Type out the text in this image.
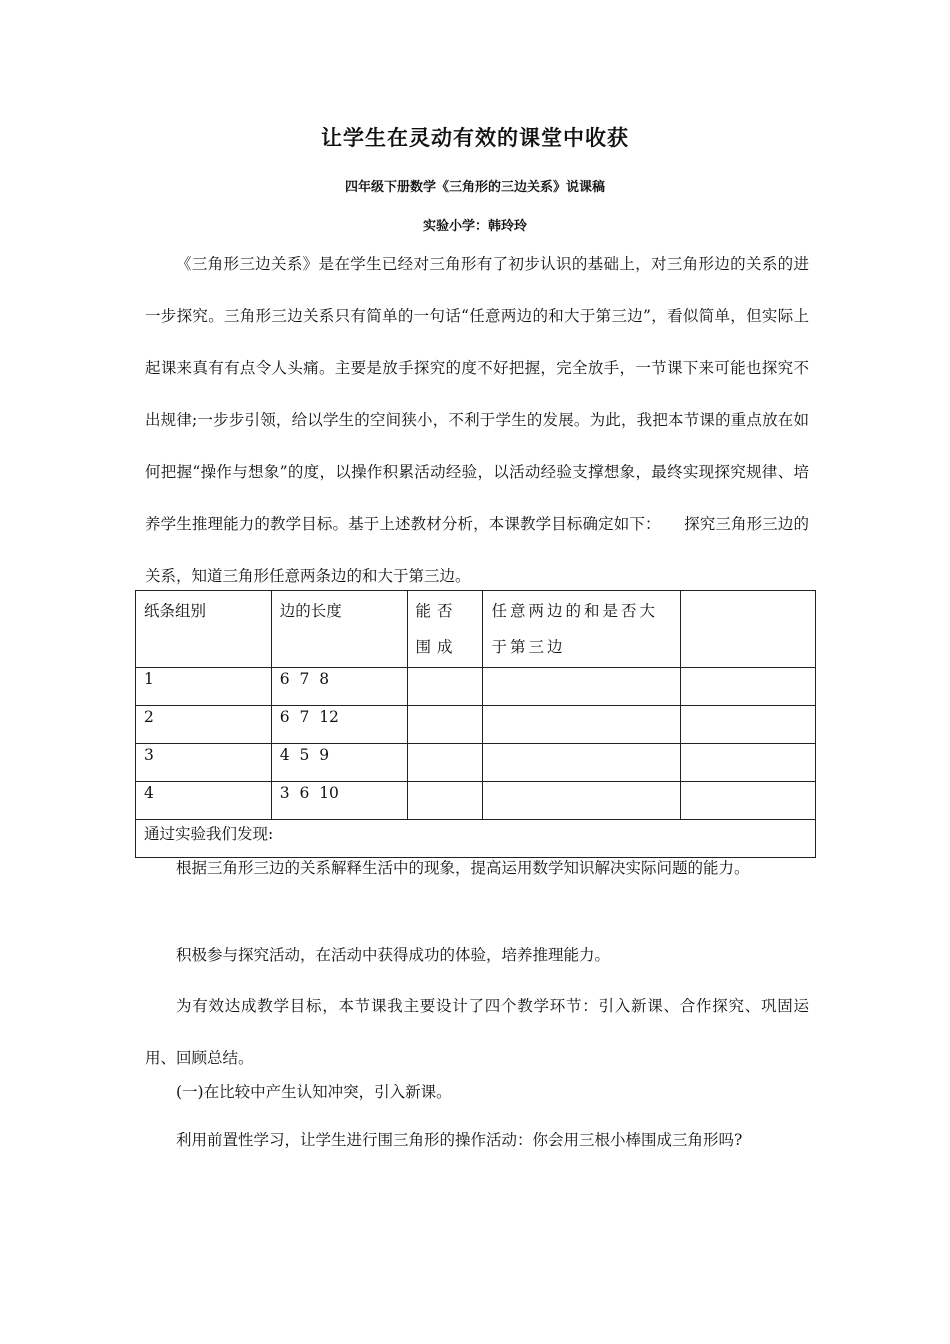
让学生在灵动有效的课堂中收获
四年级下册数学《三角形的三边关系》说课稿
实验小学：韩玲玲

《三角形三边关系》是在学生已经对三角形有了初步认识的基础上，对三角形边的关系的进一步探究。三角形三边关系只有简单的一句话“任意两边的和大于第三边”，看似简单，但实际上起课来真有有点令人头痛。主要是放手探究的度不好把握，完全放手，一节课下来可能也探究不出规律;一步步引领，给以学生的空间狭小，不利于学生的发展。为此，我把本节课的重点放在如何把握“操作与想象”的度，以操作积累活动经验，以活动经验支撑想象，最终实现探究规律、培养学生推理能力的教学目标。基于上述教材分析，本课教学目标确定如下：　　探究三角形三边的关系，知道三角形任意两条边的和大于第三边。

纸条组别	边的长度	能否围成	任意两边的和是否大于第三边	
1	6  7  8			
2	6  7  12			
3	4  5  9			
4	3  6  10			
通过实验我们发现:				

根据三角形三边的关系解释生活中的现象，提高运用数学知识解决实际问题的能力。

积极参与探究活动，在活动中获得成功的体验，培养推理能力。

为有效达成教学目标，本节课我主要设计了四个教学环节：引入新课、合作探究、巩固运用、回顾总结。

(一)在比较中产生认知冲突，引入新课。

利用前置性学习，让学生进行围三角形的操作活动：你会用三根小棒围成三角形吗?
